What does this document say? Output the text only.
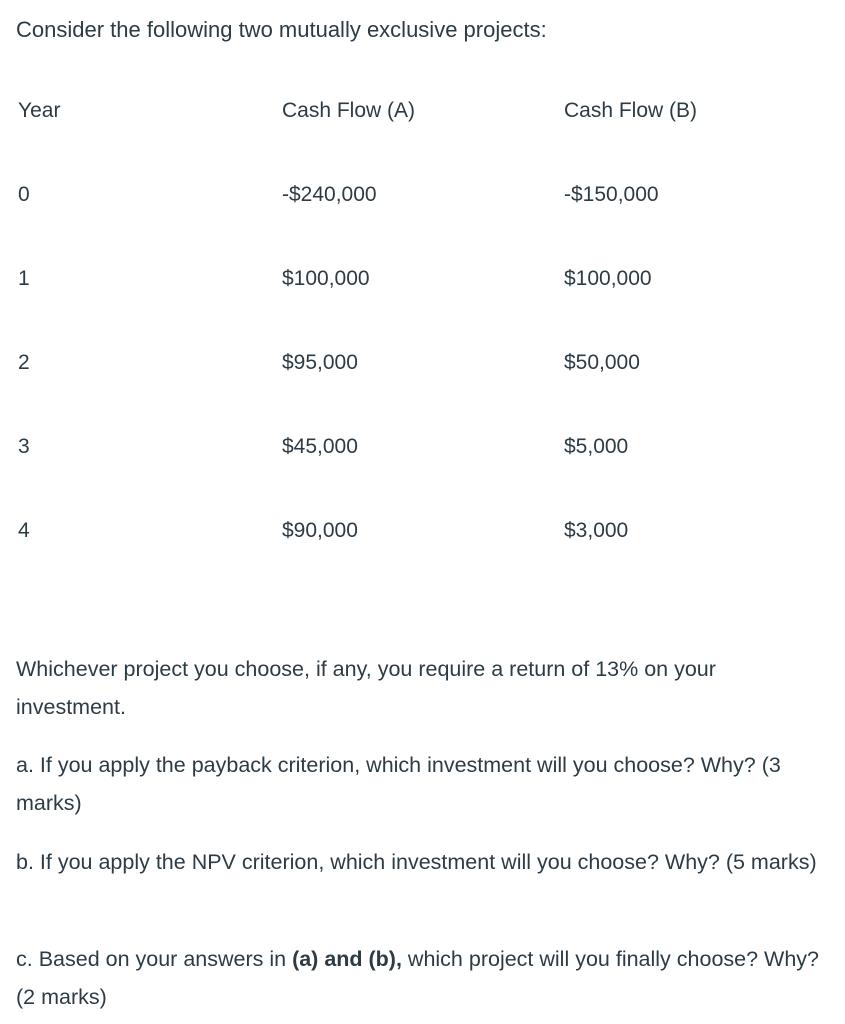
Consider the following two mutually exclusive projects:

Year	Cash Flow (A)	Cash Flow (B)
0	-$240,000	-$150,000
1	$100,000	$100,000
2	$95,000	$50,000
3	$45,000	$5,000
4	$90,000	$3,000

Whichever project you choose, if any, you require a return of 13% on your investment.

a. If you apply the payback criterion, which investment will you choose? Why? (3 marks)

b. If you apply the NPV criterion, which investment will you choose? Why? (5 marks)

c. Based on your answers in (a) and (b), which project will you finally choose? Why? (2 marks)
